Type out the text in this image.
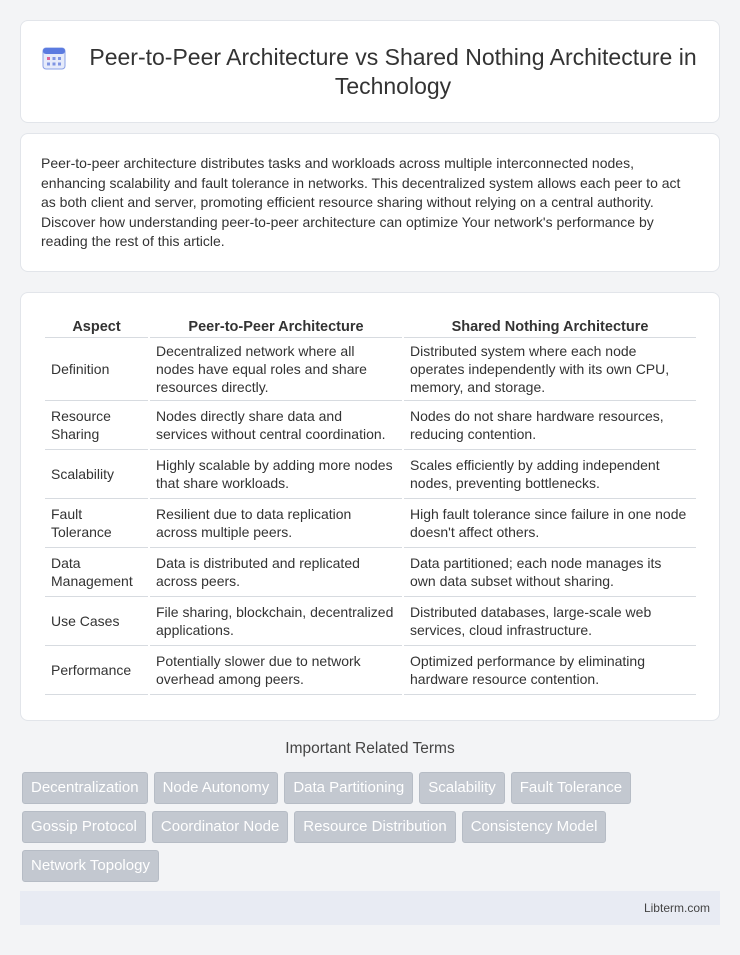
Peer-to-Peer Architecture vs Shared Nothing Architecture in Technology

Peer-to-peer architecture distributes tasks and workloads across multiple interconnected nodes, enhancing scalability and fault tolerance in networks. This decentralized system allows each peer to act as both client and server, promoting efficient resource sharing without relying on a central authority. Discover how understanding peer-to-peer architecture can optimize Your network's performance by reading the rest of this article.

Aspect	Peer-to-Peer Architecture	Shared Nothing Architecture
Definition	Decentralized network where all nodes have equal roles and share resources directly.	Distributed system where each node operates independently with its own CPU, memory, and storage.
Resource Sharing	Nodes directly share data and services without central coordination.	Nodes do not share hardware resources, reducing contention.
Scalability	Highly scalable by adding more nodes that share workloads.	Scales efficiently by adding independent nodes, preventing bottlenecks.
Fault Tolerance	Resilient due to data replication across multiple peers.	High fault tolerance since failure in one node doesn't affect others.
Data Management	Data is distributed and replicated across peers.	Data partitioned; each node manages its own data subset without sharing.
Use Cases	File sharing, blockchain, decentralized applications.	Distributed databases, large-scale web services, cloud infrastructure.
Performance	Potentially slower due to network overhead among peers.	Optimized performance by eliminating hardware resource contention.
Important Related Terms
Decentralization	Node Autonomy	Data Partitioning	Scalability	Fault Tolerance
Gossip Protocol	Coordinator Node	Resource Distribution	Consistency Model
Network Topology
Libterm.com
